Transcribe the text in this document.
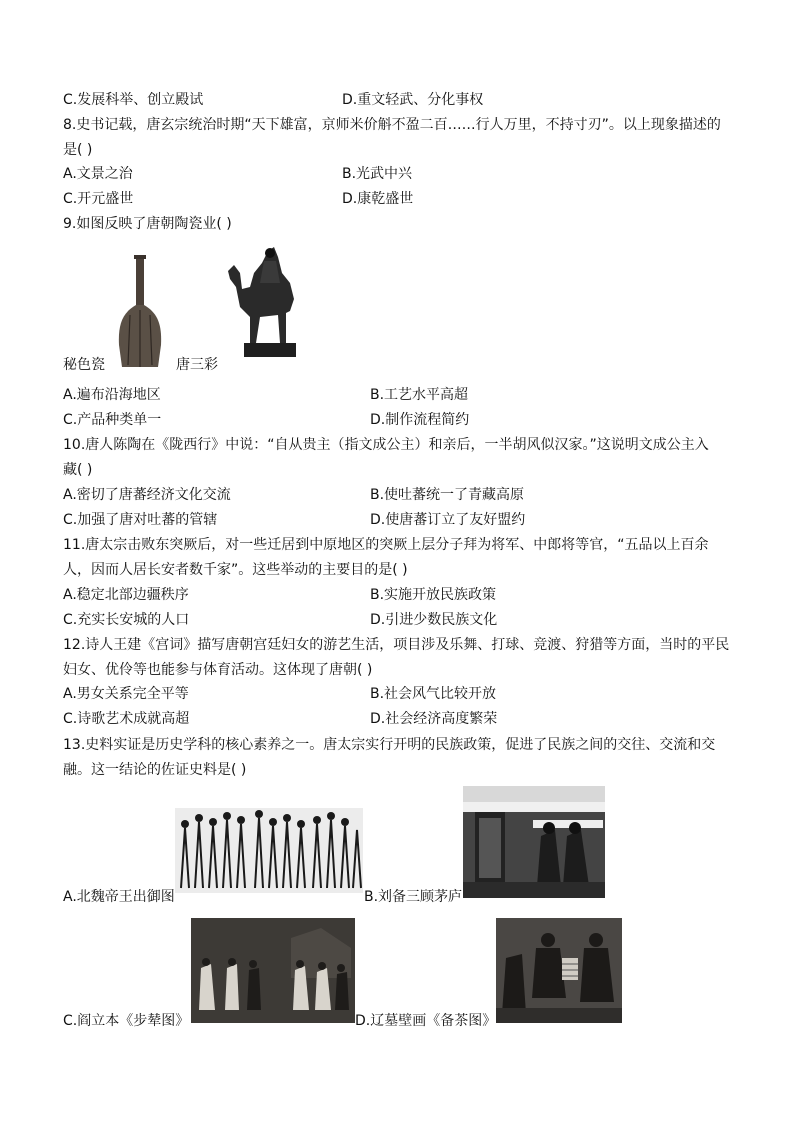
C.发展科举、创立殿试	D.重文轻武、分化事权
8.史书记载，唐玄宗统治时期“天下雄富，京师米价斛不盈二百……行人万里，不持寸刃”。以上现象描述的
是( )
A.文景之治	B.光武中兴
C.开元盛世	D.康乾盛世
9.如图反映了唐朝陶瓷业( )
秘色瓷	唐三彩
A.遍布沿海地区	B.工艺水平高超
C.产品种类单一	D.制作流程简约
10.唐人陈陶在《陇西行》中说：“自从贵主（指文成公主）和亲后，一半胡风似汉家。”这说明文成公主入
藏( )
A.密切了唐蕃经济文化交流	B.使吐蕃统一了青藏高原
C.加强了唐对吐蕃的管辖	D.使唐蕃订立了友好盟约
11.唐太宗击败东突厥后，对一些迁居到中原地区的突厥上层分子拜为将军、中郎将等官，“五品以上百余
人，因而人居长安者数千家”。这些举动的主要目的是( )
A.稳定北部边疆秩序	B.实施开放民族政策
C.充实长安城的人口	D.引进少数民族文化
12.诗人王建《宫词》描写唐朝宫廷妇女的游艺生活，项目涉及乐舞、打球、竞渡、狩猎等方面，当时的平民
妇女、优伶等也能参与体育活动。这体现了唐朝( )
A.男女关系完全平等	B.社会风气比较开放
C.诗歌艺术成就高超	D.社会经济高度繁荣
13.史料实证是历史学科的核心素养之一。唐太宗实行开明的民族政策，促进了民族之间的交往、交流和交
融。这一结论的佐证史料是( )
A.北魏帝王出御图	B.刘备三顾茅庐
C.阎立本《步辇图》	D.辽墓壁画《备茶图》
